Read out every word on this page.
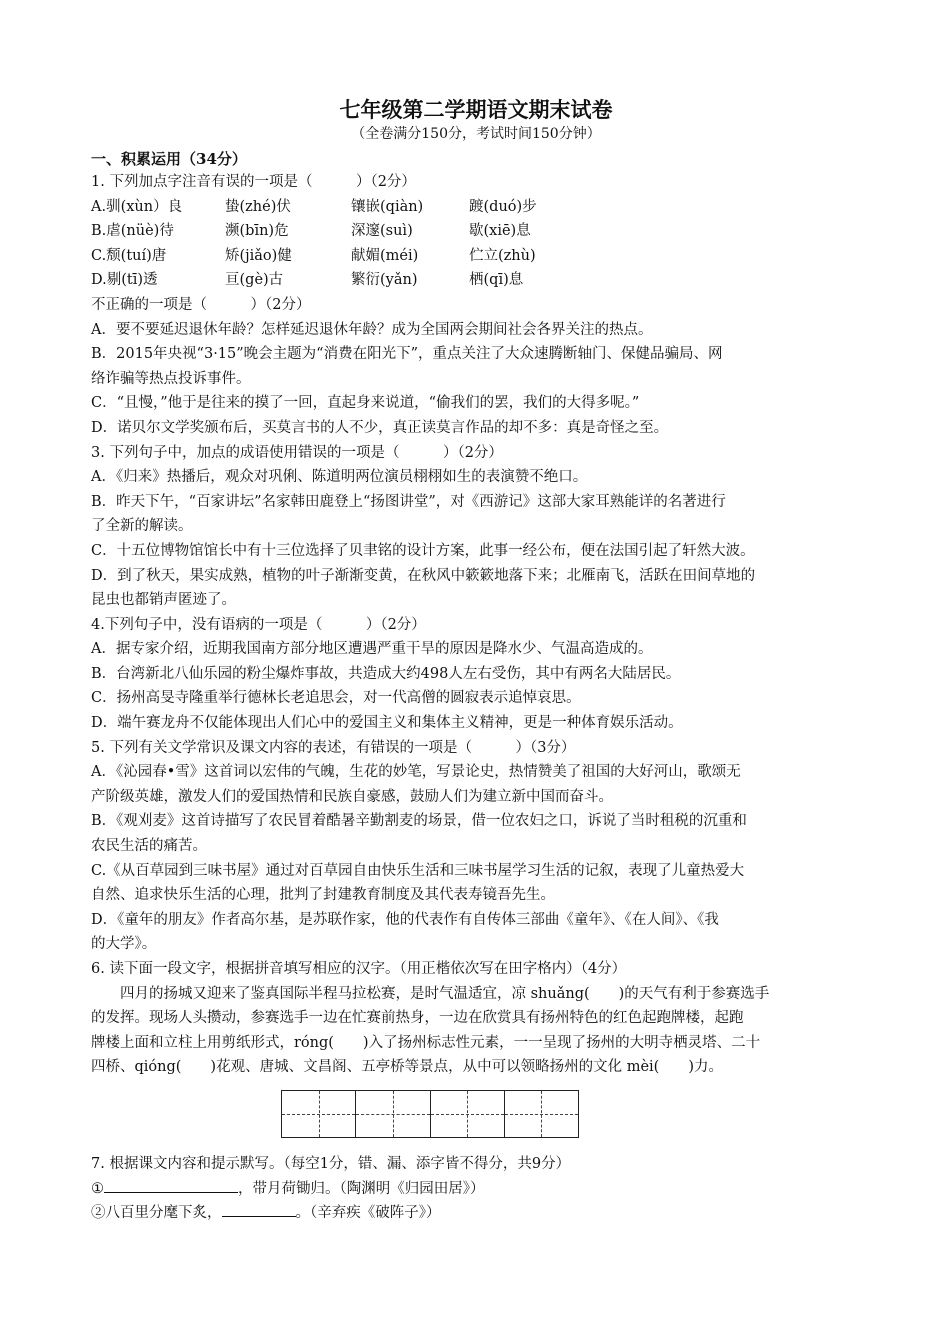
七年级第二学期语文期末试卷

（全卷满分150分，考试时间150分钟）

一、积累运用（34分）

1. 下列加点字注音有误的一项是（　　　）（2分）

A.驯(xùn）良	蛰(zhé)伏	镶嵌(qiàn)	踱(duó)步
B.虐(nüè)待	濒(bīn)危	深邃(suì)	歇(xiē)息
C.颓(tuí)唐	矫(jiǎo)健	献媚(méi)	伫立(zhù)
D.剔(tī)透	亘(gè)古	繁衍(yǎn)	栖(qī)息

不正确的一项是（　　　）（2分）

A．要不要延迟退休年龄？怎样延迟退休年龄？成为全国两会期间社会各界关注的热点。

B．2015年央视“3·15”晚会主题为“消费在阳光下”，重点关注了大众速腾断轴门、保健品骗局、网

络诈骗等热点投诉事件。

C．“且慢，”他于是往来的摸了一回，直起身来说道，“偷我们的罢，我们的大得多呢。”

D．诺贝尔文学奖颁布后，买莫言书的人不少，真正读莫言作品的却不多：真是奇怪之至。

3. 下列句子中，加点的成语使用错误的一项是（　　　）（2分）

A．《归来》热播后，观众对巩俐、陈道明两位演员栩栩如生的表演赞不绝口。

B．昨天下午，“百家讲坛”名家韩田鹿登上“扬图讲堂”，对《西游记》这部大家耳熟能详的名著进行

了全新的解读。

C．十五位博物馆馆长中有十三位选择了贝聿铭的设计方案，此事一经公布，便在法国引起了轩然大波。

D．到了秋天，果实成熟，植物的叶子渐渐变黄，在秋风中簌簌地落下来；北雁南飞，活跃在田间草地的

昆虫也都销声匿迹了。

4.下列句子中，没有语病的一项是（　　　）（2分）

A．据专家介绍，近期我国南方部分地区遭遇严重干旱的原因是降水少、气温高造成的。

B．台湾新北八仙乐园的粉尘爆炸事故，共造成大约498人左右受伤，其中有两名大陆居民。

C．扬州高旻寺隆重举行德林长老追思会，对一代高僧的圆寂表示追悼哀思。

D．端午赛龙舟不仅能体现出人们心中的爱国主义和集体主义精神，更是一种体育娱乐活动。

5. 下列有关文学常识及课文内容的表述，有错误的一项是（　　　）（3分）

A．《沁园春•雪》这首词以宏伟的气魄，生花的妙笔，写景论史，热情赞美了祖国的大好河山，歌颂无

产阶级英雄，激发人们的爱国热情和民族自豪感，鼓励人们为建立新中国而奋斗。

B．《观刈麦》这首诗描写了农民冒着酷暑辛勤割麦的场景，借一位农妇之口，诉说了当时租税的沉重和

农民生活的痛苦。

C.《从百草园到三味书屋》通过对百草园自由快乐生活和三味书屋学习生活的记叙，表现了儿童热爱大

自然、追求快乐生活的心理，批判了封建教育制度及其代表寿镜吾先生。

D．《童年的朋友》作者高尔基，是苏联作家，他的代表作有自传体三部曲《童年》、《在人间》、《我

的大学》。

6. 读下面一段文字，根据拼音填写相应的汉字。（用正楷依次写在田字格内）（4分）

四月的扬城又迎来了鉴真国际半程马拉松赛，是时气温适宜，凉 shuǎng(　　)的天气有利于参赛选手

的发挥。现场人头攒动，参赛选手一边在忙赛前热身，一边在欣赏具有扬州特色的红色起跑牌楼，起跑

牌楼上面和立柱上用剪纸形式，róng(　　)入了扬州标志性元素，一一呈现了扬州的大明寺栖灵塔、二十

四桥、qióng(　　)花观、唐城、文昌阁、五亭桥等景点，从中可以领略扬州的文化 mèi(　　)力。

7. 根据课文内容和提示默写。（每空1分，错、漏、添字皆不得分，共9分）

①	，带月荷锄归。（陶渊明《归园田居》）

②八百里分麾下炙，	。（辛弃疾《破阵子》）
